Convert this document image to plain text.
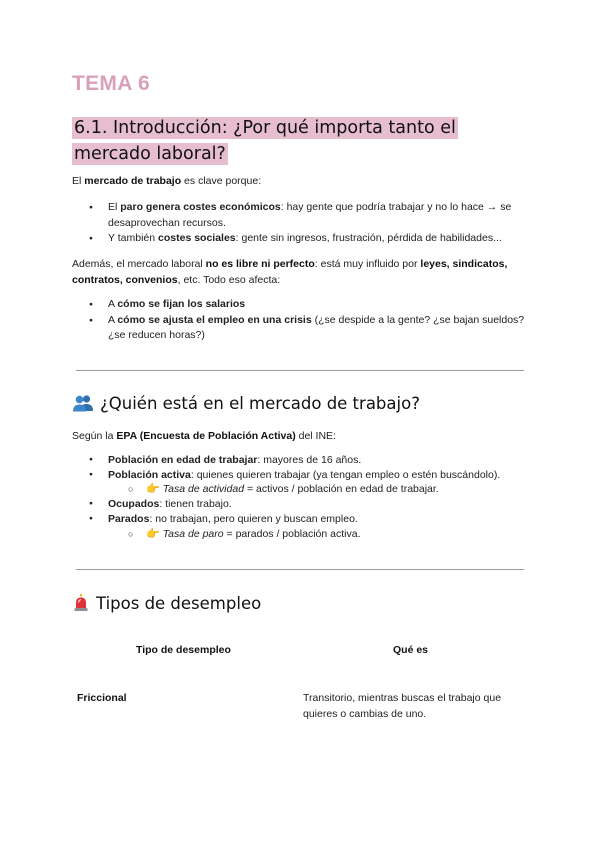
TEMA 6
6.1. Introducción: ¿Por qué importa tanto el mercado laboral?
El mercado de trabajo es clave porque:
● El paro genera costes económicos: hay gente que podría trabajar y no lo hace → se desaprovechan recursos.
● Y también costes sociales: gente sin ingresos, frustración, pérdida de habilidades...
Además, el mercado laboral no es libre ni perfecto: está muy influido por leyes, sindicatos, contratos, convenios, etc. Todo eso afecta:
● A cómo se fijan los salarios
● A cómo se ajusta el empleo en una crisis (¿se despide a la gente? ¿se bajan sueldos? ¿se reducen horas?)
¿Quién está en el mercado de trabajo?
Según la EPA (Encuesta de Población Activa) del INE:
● Población en edad de trabajar: mayores de 16 años.
● Población activa: quienes quieren trabajar (ya tengan empleo o estén buscándolo).
○ 👉 Tasa de actividad = activos / población en edad de trabajar.
● Ocupados: tienen trabajo.
● Parados: no trabajan, pero quieren y buscan empleo.
○ 👉 Tasa de paro = parados / población activa.
Tipos de desempleo
Tipo de desempleo	Qué es
Friccional	Transitorio, mientras buscas el trabajo que quieres o cambias de uno.
